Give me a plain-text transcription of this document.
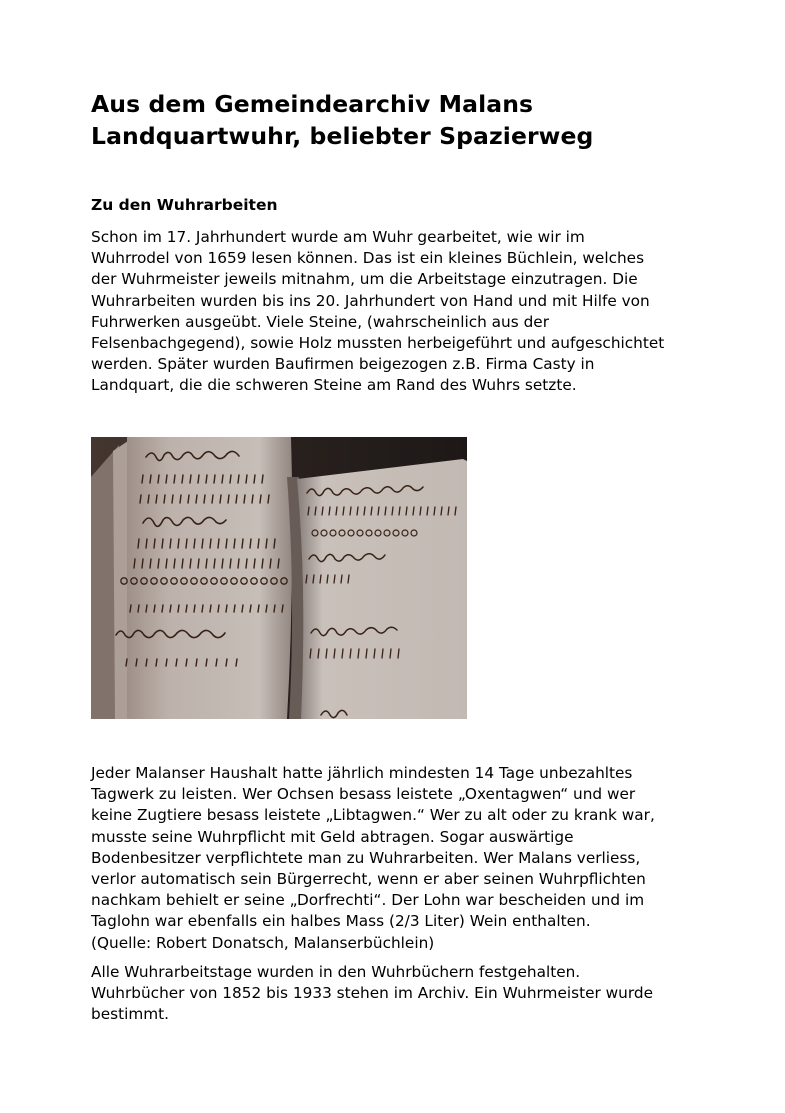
Aus dem Gemeindearchiv Malans
Landquartwuhr, beliebter Spazierweg
Zu den Wuhrarbeiten

Schon im 17. Jahrhundert wurde am Wuhr gearbeitet, wie wir im
Wuhrrodel von 1659 lesen können. Das ist ein kleines Büchlein, welches
der Wuhrmeister jeweils mitnahm, um die Arbeitstage einzutragen. Die
Wuhrarbeiten wurden bis ins 20. Jahrhundert von Hand und mit Hilfe von
Fuhrwerken ausgeübt. Viele Steine, (wahrscheinlich aus der
Felsenbachgegend), sowie Holz mussten herbeigeführt und aufgeschichtet
werden. Später wurden Baufirmen beigezogen z.B. Firma Casty in
Landquart, die die schweren Steine am Rand des Wuhrs setzte.

Jeder Malanser Haushalt hatte jährlich mindesten 14 Tage unbezahltes
Tagwerk zu leisten. Wer Ochsen besass leistete „Oxentagwen“ und wer
keine Zugtiere besass leistete „Libtagwen.“ Wer zu alt oder zu krank war,
musste seine Wuhrpflicht mit Geld abtragen. Sogar auswärtige
Bodenbesitzer verpflichtete man zu Wuhrarbeiten. Wer Malans verliess,
verlor automatisch sein Bürgerrecht, wenn er aber seinen Wuhrpflichten
nachkam behielt er seine „Dorfrechti“. Der Lohn war bescheiden und im
Taglohn war ebenfalls ein halbes Mass (2/3 Liter) Wein enthalten.
(Quelle: Robert Donatsch, Malanserbüchlein)

Alle Wuhrarbeitstage wurden in den Wuhrbüchern festgehalten.
Wuhrbücher von 1852 bis 1933 stehen im Archiv. Ein Wuhrmeister wurde
bestimmt.
